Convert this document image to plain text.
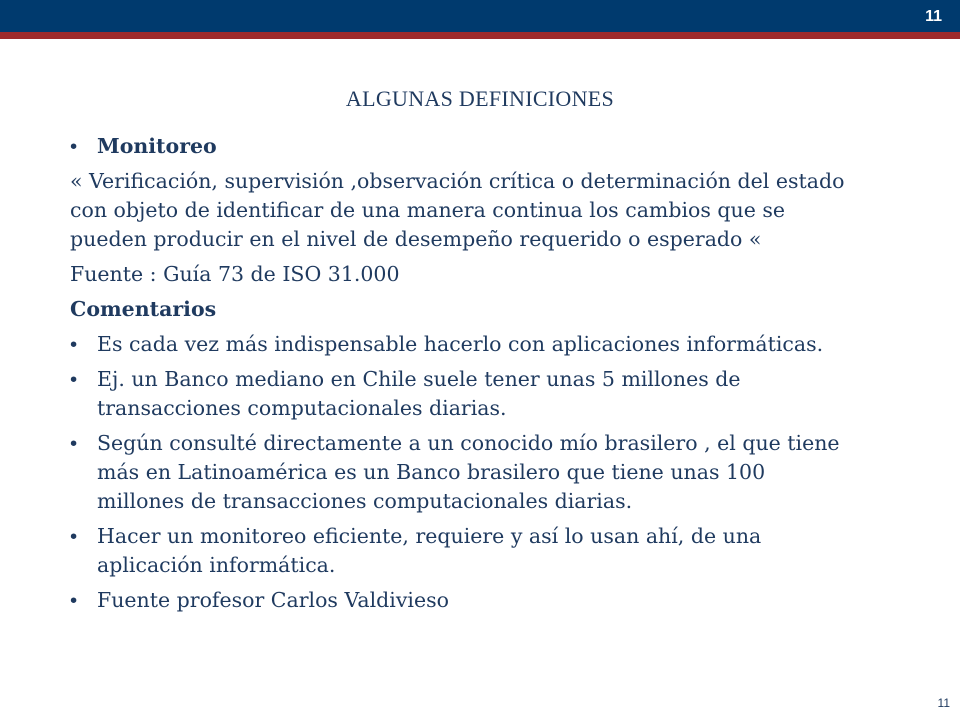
11
ALGUNAS DEFINICIONES
• Monitoreo

« Verificación, supervisión ,observación crítica o determinación del estado con objeto de identificar de una manera continua los cambios que se pueden producir en el nivel de desempeño requerido o esperado «

Fuente : Guía 73 de ISO 31.000

Comentarios

• Es cada vez más indispensable hacerlo con aplicaciones informáticas.
• Ej. un Banco mediano en Chile suele tener unas 5 millones de transacciones computacionales diarias.
• Según consulté directamente a un conocido mío brasilero , el que tiene más en Latinoamérica es un Banco brasilero que tiene unas 100 millones de transacciones computacionales diarias.
• Hacer un monitoreo eficiente, requiere y así lo usan ahí, de una aplicación informática.
• Fuente profesor Carlos Valdivieso
11
